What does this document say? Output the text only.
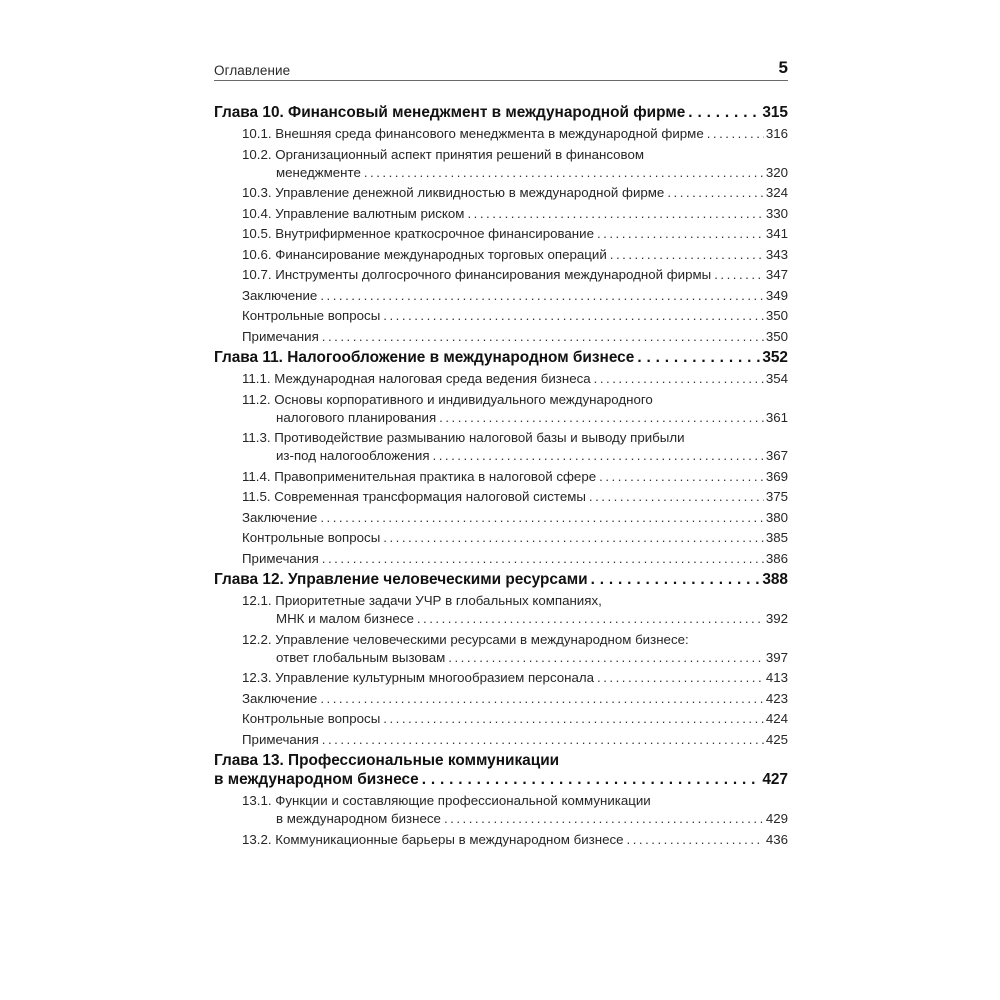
Оглавление	5
Глава 10. Финансовый менеджмент в международной фирме . . .	315
10.1. Внешняя среда финансового менеджмента в международной фирме . . .	316
10.2. Организационный аспект принятия решений в финансовом
менеджменте . . .	320
10.3. Управление денежной ликвидностью в международной фирме . . .	324
10.4. Управление валютным риском . . .	330
10.5. Внутрифирменное краткосрочное финансирование . . .	341
10.6. Финансирование международных торговых операций . . .	343
10.7. Инструменты долгосрочного финансирования международной фирмы . . .	347
Заключение . . .	349
Контрольные вопросы . . .	350
Примечания . . .	350
Глава 11. Налогообложение в международном бизнесе . . .	352
11.1. Международная налоговая среда ведения бизнеса . . .	354
11.2. Основы корпоративного и индивидуального международного
налогового планирования . . .	361
11.3. Противодействие размыванию налоговой базы и выводу прибыли
из-под налогообложения . . .	367
11.4. Правоприменительная практика в налоговой сфере . . .	369
11.5. Современная трансформация налоговой системы . . .	375
Заключение . . .	380
Контрольные вопросы . . .	385
Примечания . . .	386
Глава 12. Управление человеческими ресурсами . . .	388
12.1. Приоритетные задачи УЧР в глобальных компаниях,
МНК и малом бизнесе . . .	392
12.2. Управление человеческими ресурсами в международном бизнесе:
ответ глобальным вызовам . . .	397
12.3. Управление культурным многообразием персонала . . .	413
Заключение . . .	423
Контрольные вопросы . . .	424
Примечания . . .	425
Глава 13. Профессиональные коммуникации
в международном бизнесе . . .	427
13.1. Функции и составляющие профессиональной коммуникации
в международном бизнесе . . .	429
13.2. Коммуникационные барьеры в международном бизнесе . . .	436
